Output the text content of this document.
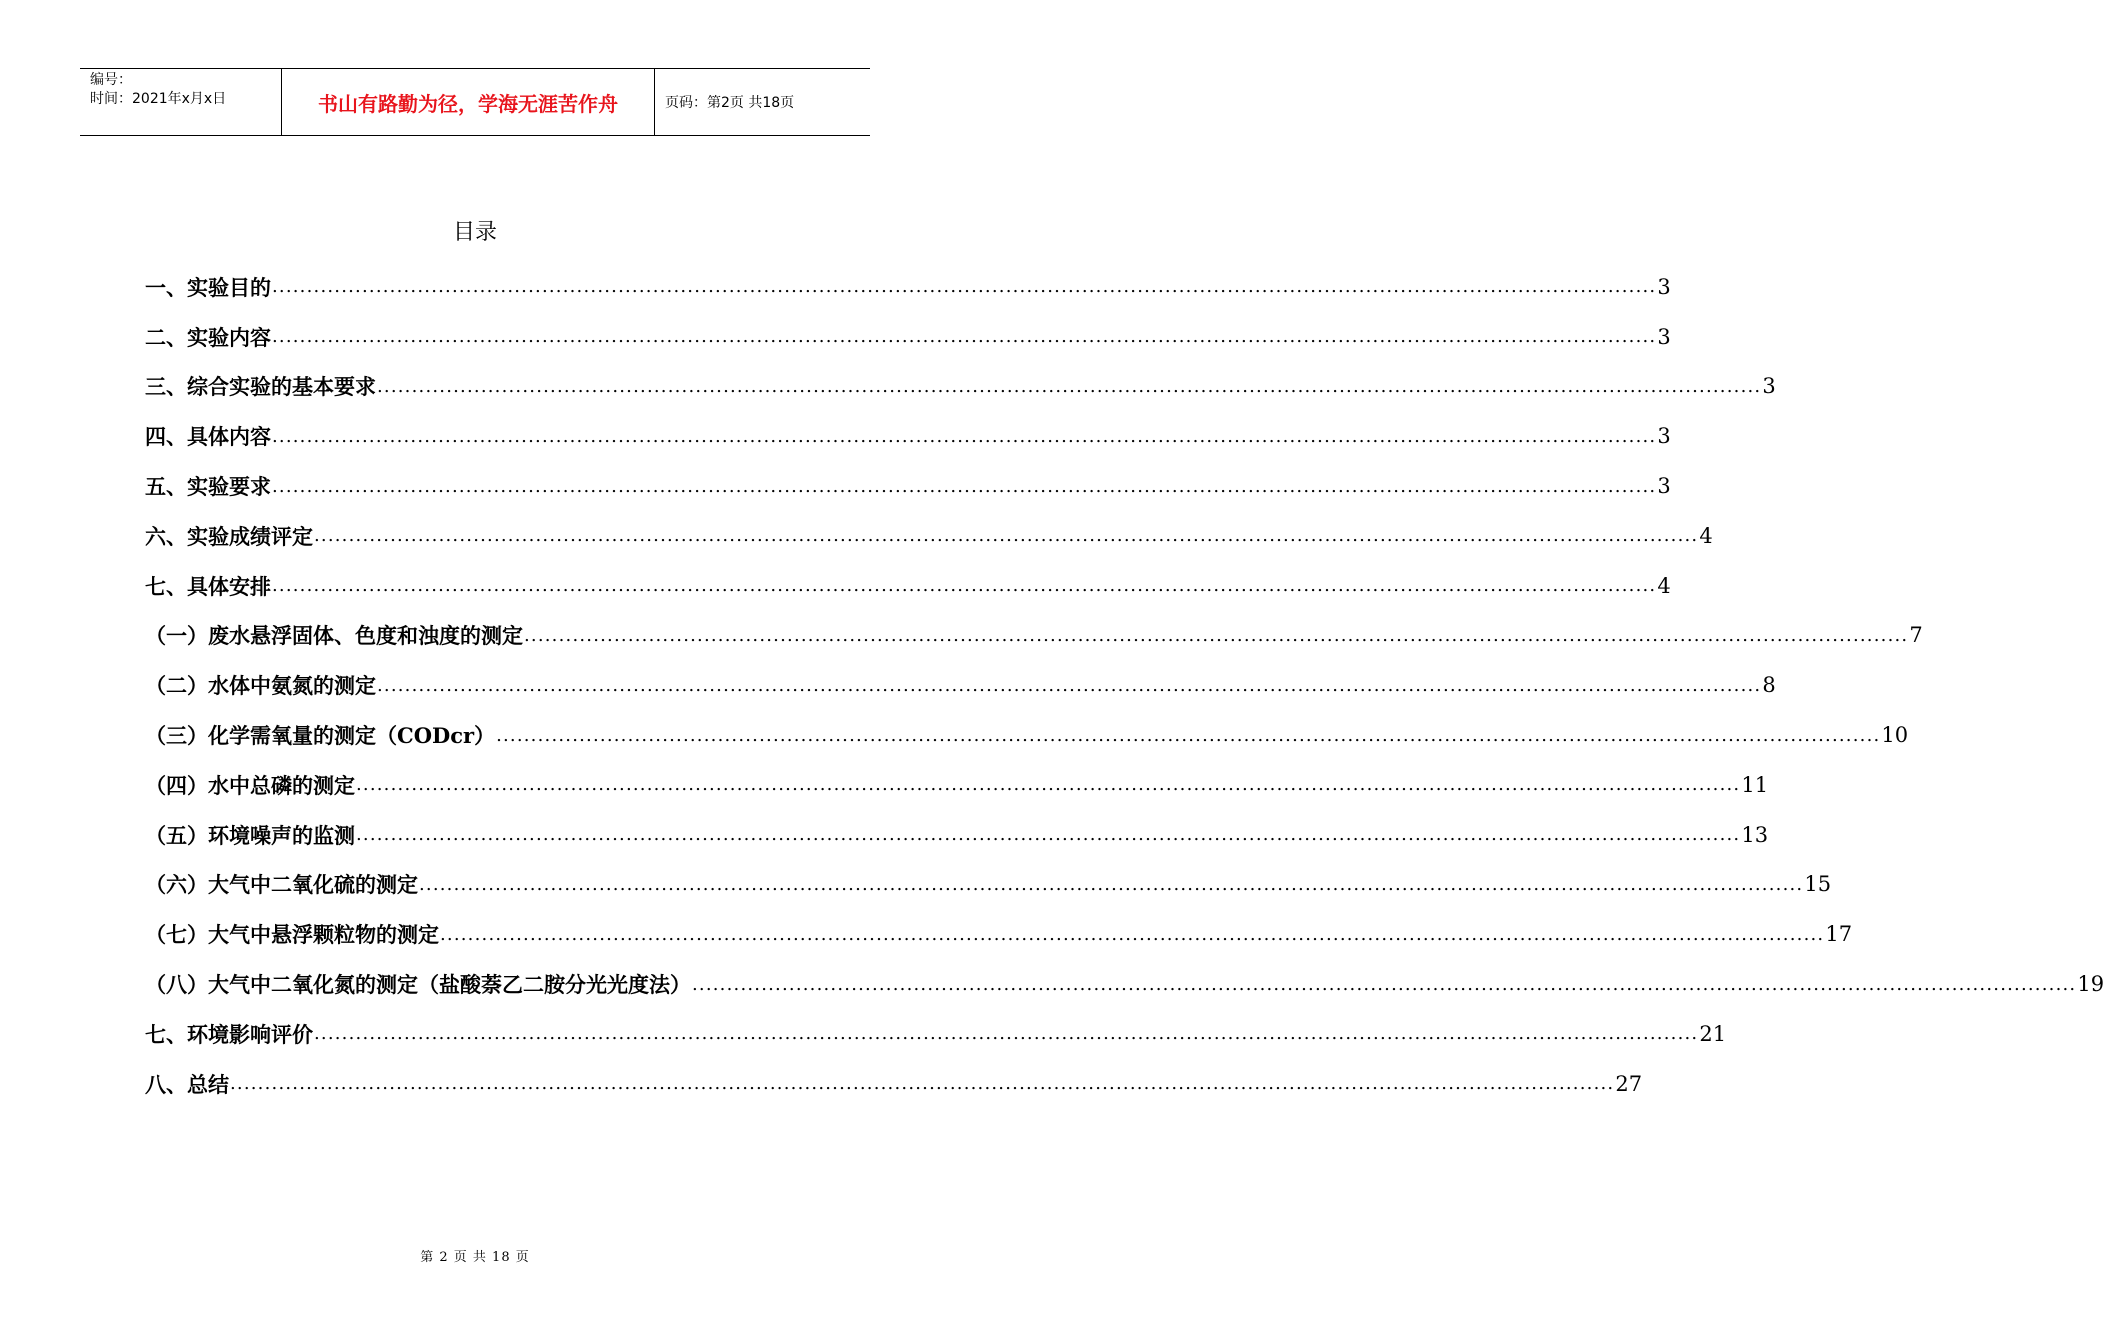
编号：
时间：2021年x月x日	书山有路勤为径，学海无涯苦作舟	页码：第2页 共18页
目录
一、实验目的 ........................................................................................................................................................................................................ 3
二、实验内容 ........................................................................................................................................................................................................ 3
三、综合实验的基本要求 ........................................................................................................................................................................................................ 3
四、具体内容 ........................................................................................................................................................................................................ 3
五、实验要求 ........................................................................................................................................................................................................ 3
六、实验成绩评定 ........................................................................................................................................................................................................ 4
七、具体安排 ........................................................................................................................................................................................................ 4
（一）废水悬浮固体、色度和浊度的测定 ........................................................................................................................................................................................................ 7
（二）水体中氨氮的测定 ........................................................................................................................................................................................................ 8
（三）化学需氧量的测定（CODcr） ........................................................................................................................................................................................................ 10
（四）水中总磷的测定 ........................................................................................................................................................................................................ 11
（五）环境噪声的监测 ........................................................................................................................................................................................................ 13
（六）大气中二氧化硫的测定 ........................................................................................................................................................................................................ 15
（七）大气中悬浮颗粒物的测定 ........................................................................................................................................................................................................ 17
（八）大气中二氧化氮的测定（盐酸萘乙二胺分光光度法） ........................................................................................................................................................................................................ 19
七、环境影响评价 ........................................................................................................................................................................................................ 21
八、总结 ........................................................................................................................................................................................................ 27
第 2 页 共 18 页
